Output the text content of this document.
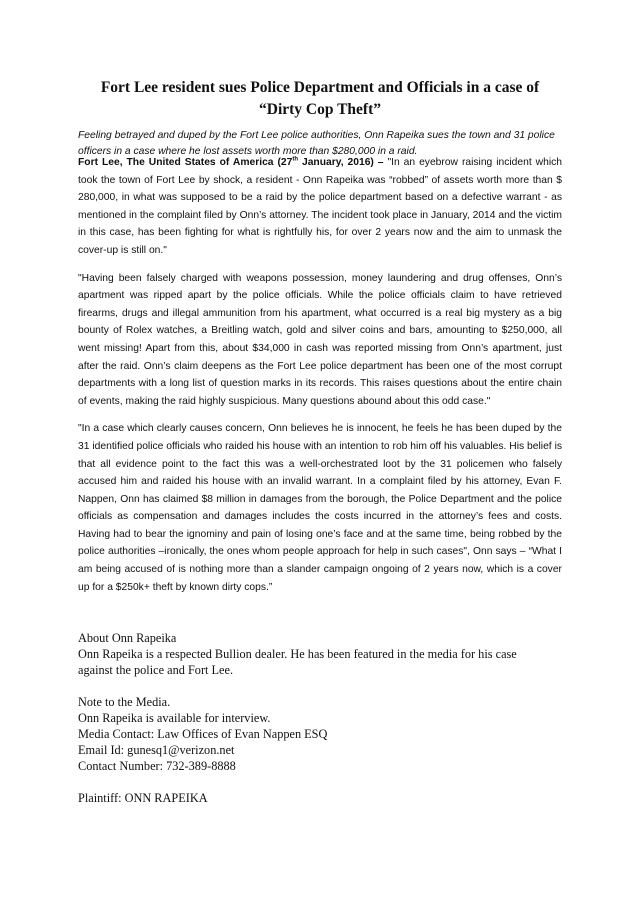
Fort Lee resident sues Police Department and Officials in a case of “Dirty Cop Theft”

Feeling betrayed and duped by the Fort Lee police authorities, Onn Rapeika sues the town and 31 police officers in a case where he lost assets worth more than $280,000 in a raid.

Fort Lee, The United States of America (27th January, 2016) – "In an eyebrow raising incident which took the town of Fort Lee by shock, a resident - Onn Rapeika was “robbed” of assets worth more than $ 280,000, in what was supposed to be a raid by the police department based on a defective warrant - as mentioned in the complaint filed by Onn’s attorney. The incident took place in January, 2014 and the victim in this case, has been fighting for what is rightfully his, for over 2 years now and the aim to unmask the cover-up is still on."

"Having been falsely charged with weapons possession, money laundering and drug offenses, Onn’s apartment was ripped apart by the police officials. While the police officials claim to have retrieved firearms, drugs and illegal ammunition from his apartment, what occurred is a real big mystery as a big bounty of Rolex watches, a Breitling watch, gold and silver coins and bars, amounting to $250,000, all went missing! Apart from this, about $34,000 in cash was reported missing from Onn’s apartment, just after the raid. Onn’s claim deepens as the Fort Lee police department has been one of the most corrupt departments with a long list of question marks in its records. This raises questions about the entire chain of events, making the raid highly suspicious. Many questions abound about this odd case."

"In a case which clearly causes concern, Onn believes he is innocent, he feels he has been duped by the 31 identified police officials who raided his house with an intention to rob him off his valuables. His belief is that all evidence point to the fact this was a well-orchestrated loot by the 31 policemen who falsely accused him and raided his house with an invalid warrant. In a complaint filed by his attorney, Evan F. Nappen, Onn has claimed $8 million in damages from the borough, the Police Department and the police officials as compensation and damages includes the costs incurred in the attorney’s fees and costs. Having had to bear the ignominy and pain of losing one’s face and at the same time, being robbed by the police authorities –ironically, the ones whom people approach for help in such cases", Onn says – “What I am being accused of is nothing more than a slander campaign ongoing of 2 years now, which is a cover up for a $250k+ theft by known dirty cops.”

About Onn Rapeika
Onn Rapeika is a respected Bullion dealer. He has been featured in the media for his case
against the police and Fort Lee.
Note to the Media.
Onn Rapeika is available for interview.
Media Contact: Law Offices of Evan Nappen ESQ
Email Id: gunesq1@verizon.net
Contact Number: 732-389-8888
Plaintiff: ONN RAPEIKA
